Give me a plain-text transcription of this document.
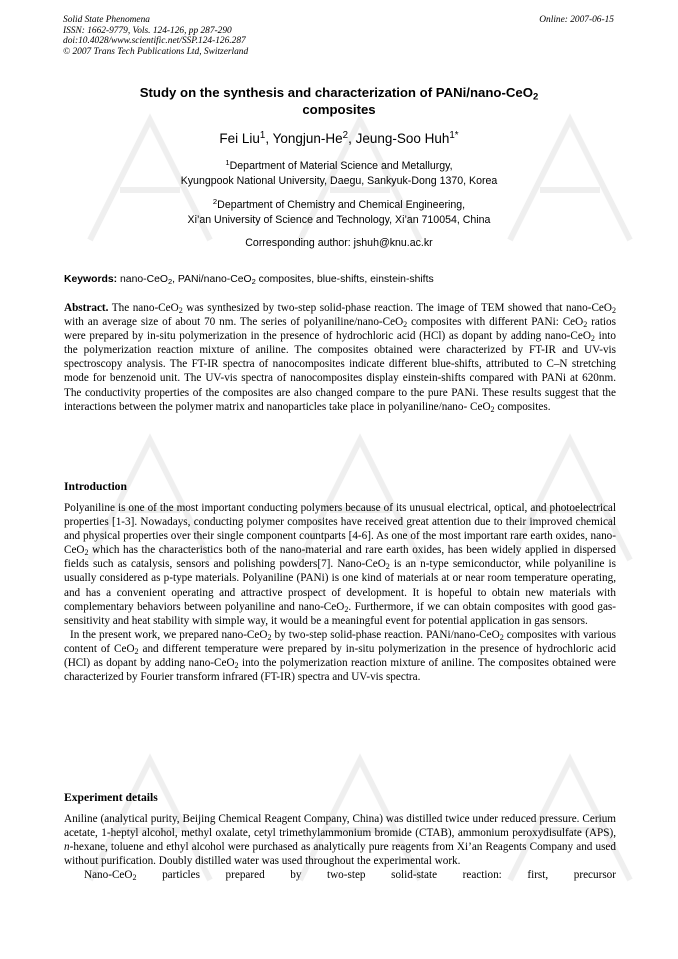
Solid State Phenomena
ISSN: 1662-9779, Vols. 124-126, pp 287-290
doi:10.4028/www.scientific.net/SSP.124-126.287
© 2007 Trans Tech Publications Ltd, Switzerland
Online: 2007-06-15
Study on the synthesis and characterization of PANi/nano-CeO$_2$
composites
Fei Liu$^1$, Yongjun-He$^2$, Jeung-Soo Huh$^{1*}$
$^1$Department of Material Science and Metallurgy,
Kyungpook National University, Daegu, Sankyuk-Dong 1370, Korea
$^2$Department of Chemistry and Chemical Engineering,
Xi’an University of Science and Technology, Xi’an 710054, China
Corresponding author: jshuh@knu.ac.kr
Keywords: nano-CeO$_2$, PANi/nano-CeO$_2$ composites, blue-shifts, einstein-shifts

Abstract. The nano-CeO$_2$ was synthesized by two-step solid-phase reaction. The image of TEM showed that nano-CeO$_2$ with an average size of about 70 nm. The series of polyaniline/nano-CeO$_2$ composites with different PANi: CeO$_2$ ratios were prepared by in-situ polymerization in the presence of hydrochloric acid (HCl) as dopant by adding nano-CeO$_2$ into the polymerization reaction mixture of aniline. The composites obtained were characterized by FT-IR and UV-vis spectroscopy analysis. The FT-IR spectra of nanocomposites indicate different blue-shifts, attributed to C–N stretching mode for benzenoid unit. The UV-vis spectra of nanocomposites display einstein-shifts compared with PANi at 620nm. The conductivity properties of the composites are also changed compare to the pure PANi. These results suggest that the interactions between the polymer matrix and nanoparticles take place in polyaniline/nano- CeO$_2$ composites.

Introduction

Polyaniline is one of the most important conducting polymers because of its unusual electrical, optical, and photoelectrical properties [1-3]. Nowadays, conducting polymer composites have received great attention due to their improved chemical and physical properties over their single component countparts [4-6]. As one of the most important rare earth oxides, nano-CeO$_2$ which has the characteristics both of the nano-material and rare earth oxides, has been widely applied in dispersed fields such as catalysis, sensors and polishing powders[7]. Nano-CeO$_2$ is an n-type semiconductor, while polyaniline is usually considered as p-type materials. Polyaniline (PANi) is one kind of materials at or near room temperature operating, and has a convenient operating and attractive prospect of development. It is hopeful to obtain new materials with complementary behaviors between polyaniline and nano-CeO$_2$. Furthermore, if we can obtain composites with good gas-sensitivity and heat stability with simple way, it would be a meaningful event for potential application in gas sensors.

In the present work, we prepared nano-CeO$_2$ by two-step solid-phase reaction. PANi/nano-CeO$_2$ composites with various content of CeO$_2$ and different temperature were prepared by in-situ polymerization in the presence of hydrochloric acid (HCl) as dopant by adding nano-CeO$_2$ into the polymerization reaction mixture of aniline. The composites obtained were characterized by Fourier transform infrared (FT-IR) spectra and UV-vis spectra.

Experiment details

Aniline (analytical purity, Beijing Chemical Reagent Company, China) was distilled twice under reduced pressure. Cerium acetate, 1-heptyl alcohol, methyl oxalate, cetyl trimethylammonium bromide (CTAB), ammonium peroxydisulfate (APS), n-hexane, toluene and ethyl alcohol were purchased as analytically pure reagents from Xi’an Reagents Company and used without purification. Doubly distilled water was used throughout the experimental work.

Nano-CeO$_2$ particles prepared by two-step solid-state reaction: first, precursor
